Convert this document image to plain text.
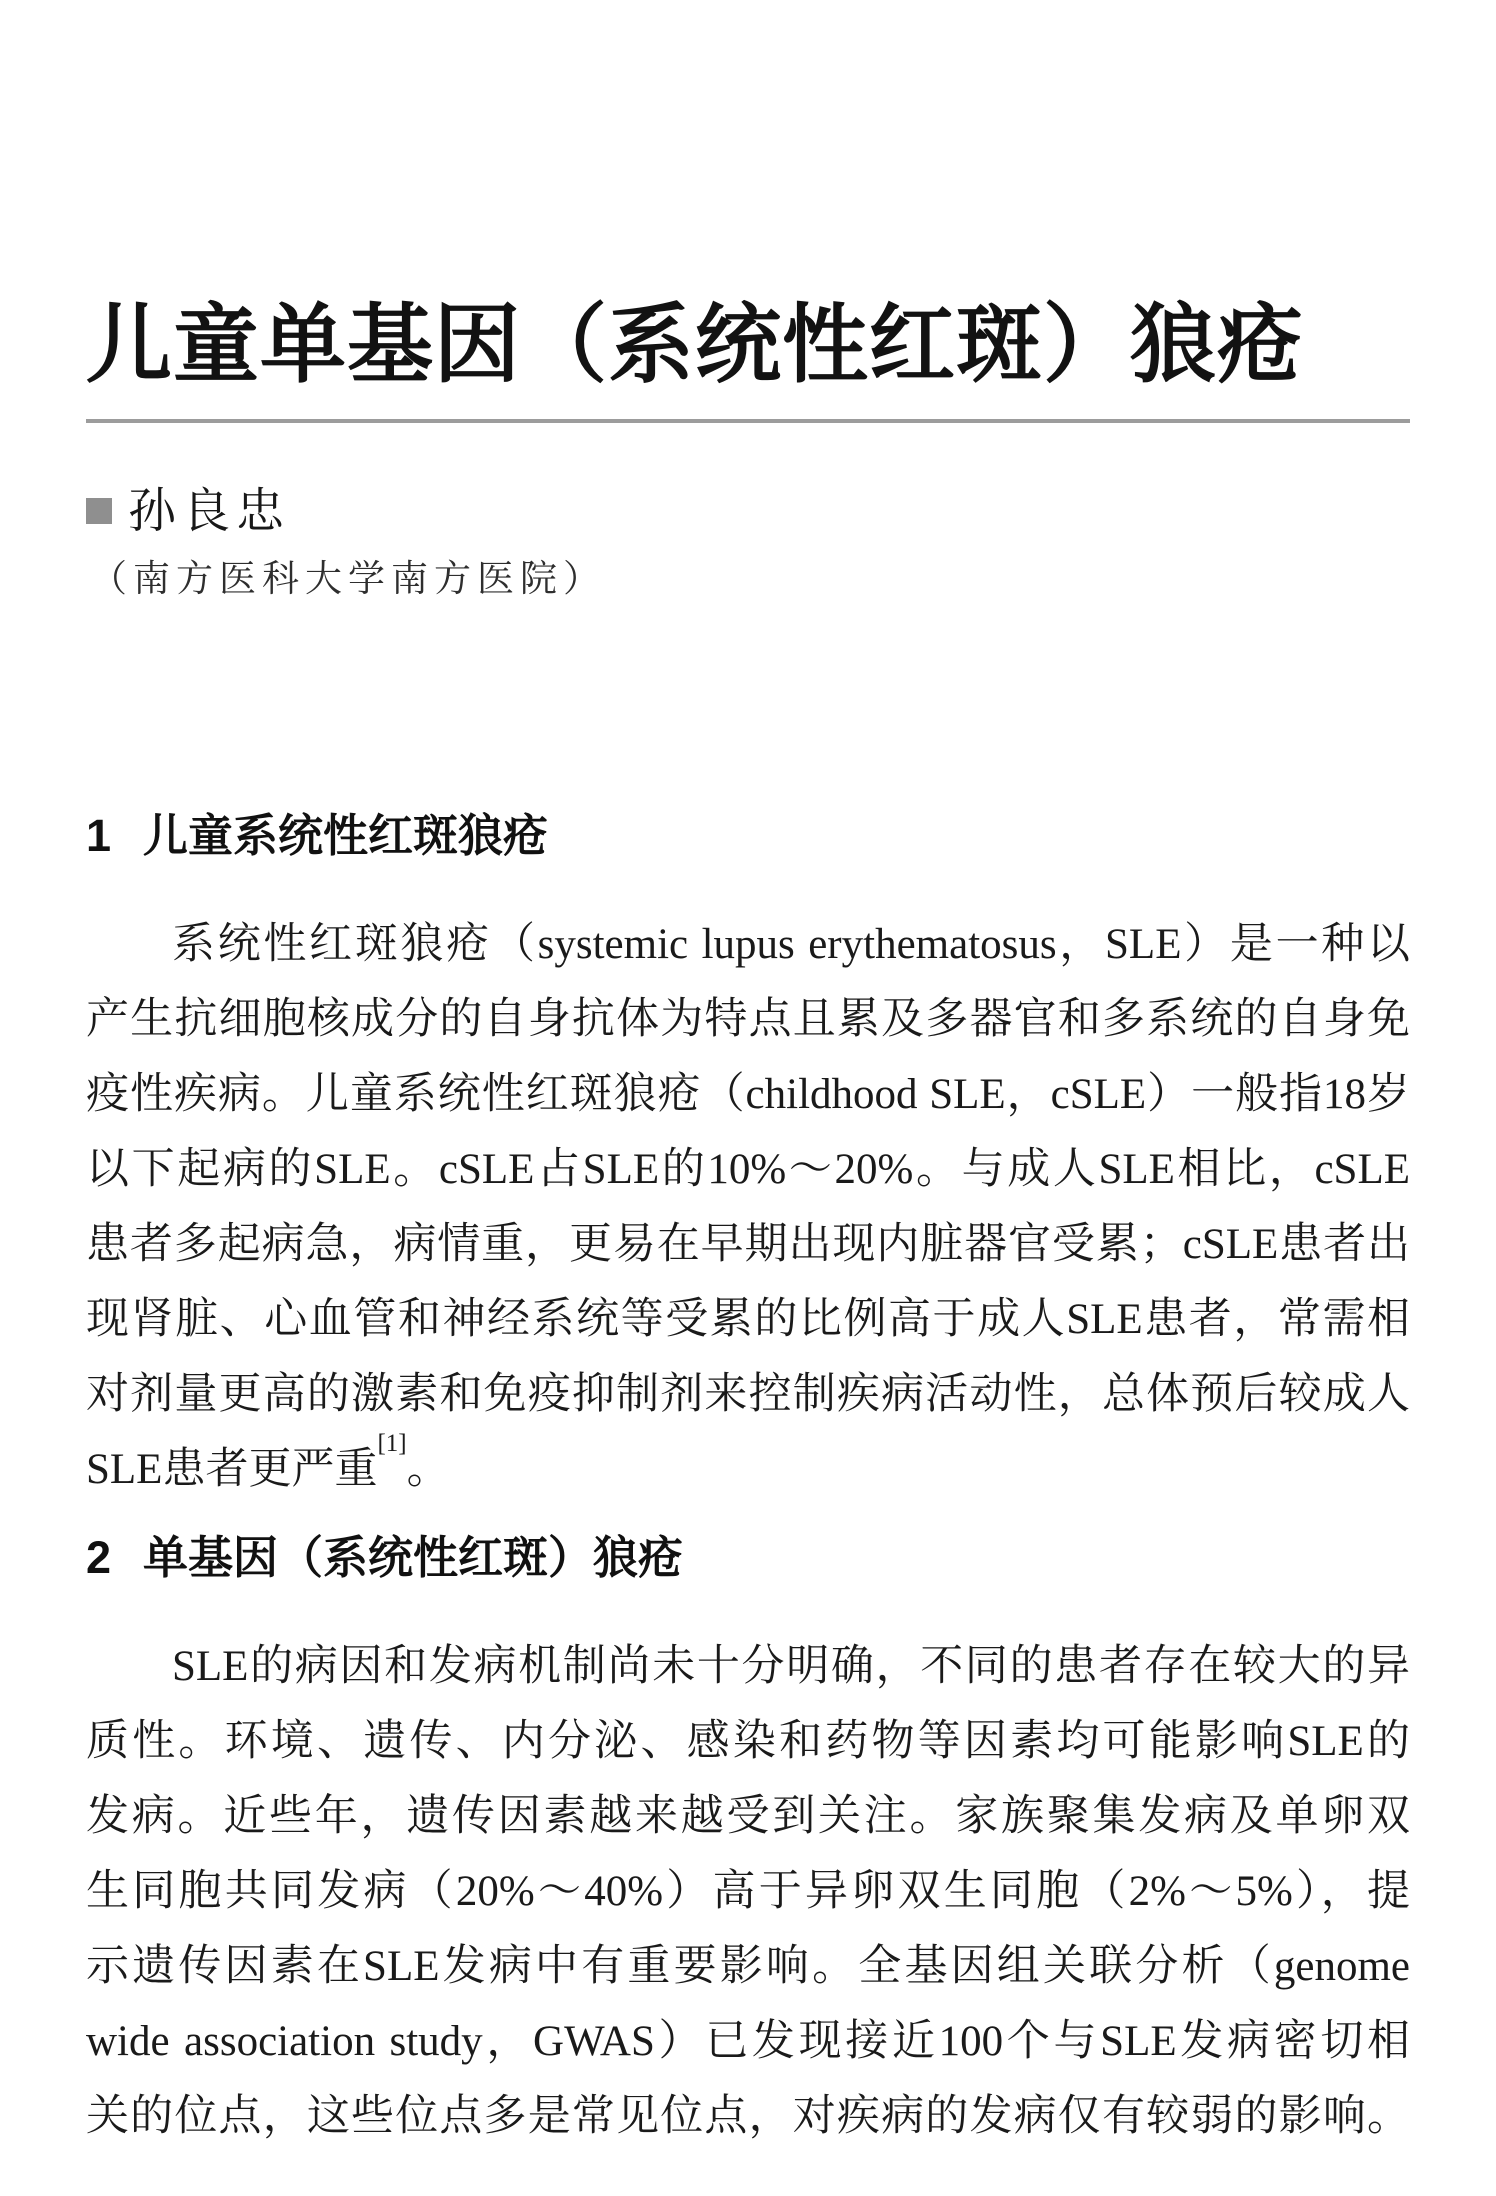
儿童单基因（系统性红斑）狼疮
孙良忠
（南方医科大学南方医院）
1 儿童系统性红斑狼疮
系统性红斑狼疮（systemic lupus erythematosus，SLE）是一种以
产生抗细胞核成分的自身抗体为特点且累及多器官和多系统的自身免
疫性疾病。儿童系统性红斑狼疮（childhood SLE，cSLE）一般指18岁
以下起病的SLE。cSLE占SLE的10%～20%。与成人SLE相比，cSLE
患者多起病急，病情重，更易在早期出现内脏器官受累；cSLE患者出
现肾脏、心血管和神经系统等受累的比例高于成人SLE患者，常需相
对剂量更高的激素和免疫抑制剂来控制疾病活动性，总体预后较成人
SLE患者更严重[1]。
2 单基因（系统性红斑）狼疮
SLE的病因和发病机制尚未十分明确，不同的患者存在较大的异
质性。环境、遗传、内分泌、感染和药物等因素均可能影响SLE的
发病。近些年，遗传因素越来越受到关注。家族聚集发病及单卵双
生同胞共同发病（20%～40%）高于异卵双生同胞（2%～5%），提
示遗传因素在SLE发病中有重要影响。全基因组关联分析（genome
wide association study，GWAS）已发现接近100个与SLE发病密切相
关的位点，这些位点多是常见位点，对疾病的发病仅有较弱的影响。
